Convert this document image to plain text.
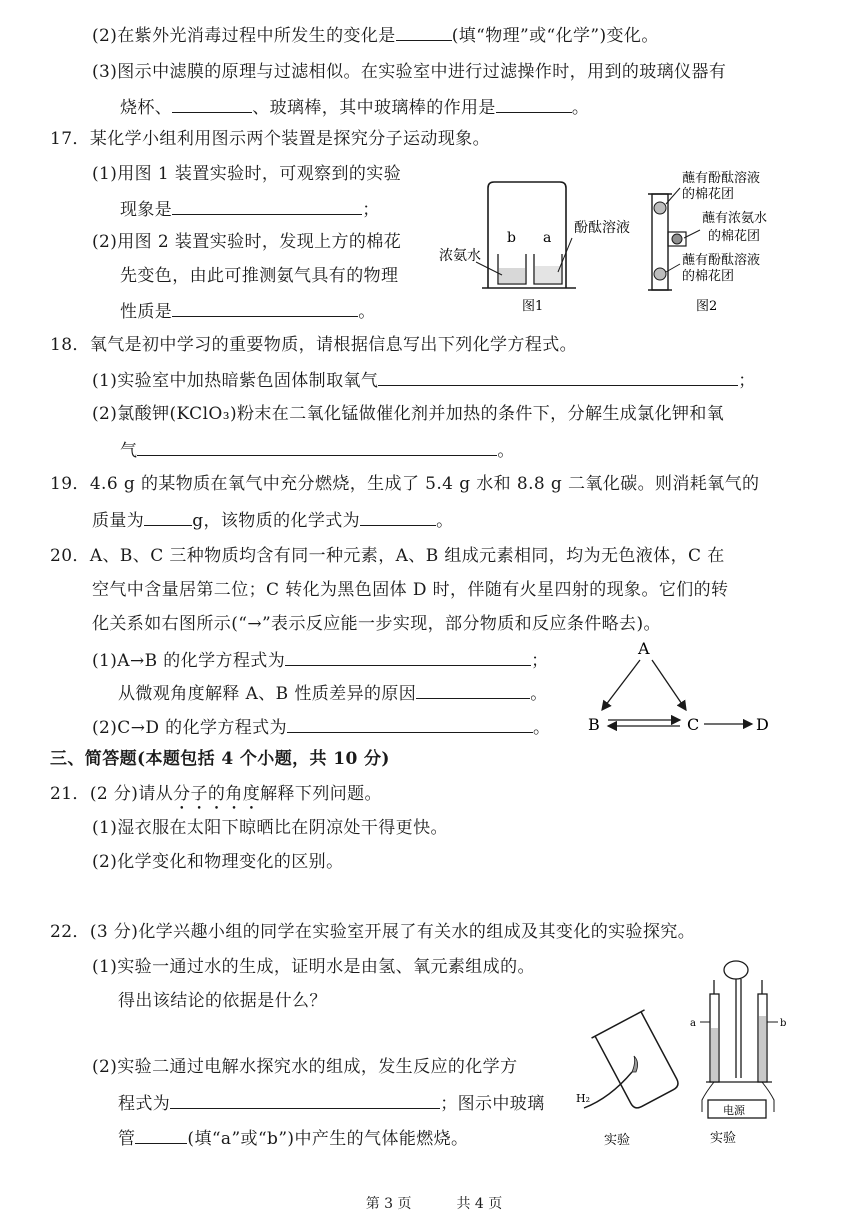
(2)在紫外光消毒过程中所发生的变化是	(填“物理”或“化学”)变化。
(3)图示中滤膜的原理与过滤相似。在实验室中进行过滤操作时，用到的玻璃仪器有
烧杯、	、玻璃棒，其中玻璃棒的作用是	。
17．某化学小组利用图示两个装置是探究分子运动现象。
(1)用图 1 装置实验时，可观察到的实验
现象是	；
(2)用图 2 装置实验时，发现上方的棉花
先变色，由此可推测氨气具有的物理
性质是	。
浓氨水
b a
酚酞溶液
图1
蘸有酚酞溶液
的棉花团
蘸有浓氨水
的棉花团
蘸有酚酞溶液
的棉花团
图2
18．氧气是初中学习的重要物质，请根据信息写出下列化学方程式。
(1)实验室中加热暗紫色固体制取氧气	；
(2)氯酸钾(KClO₃)粉末在二氧化锰做催化剂并加热的条件下，分解生成氯化钾和氧
气	。
19．4.6 g 的某物质在氧气中充分燃烧，生成了 5.4 g 水和 8.8 g 二氧化碳。则消耗氧气的
质量为	g，该物质的化学式为	。
20．A、B、C 三种物质均含有同一种元素，A、B 组成元素相同，均为无色液体，C 在
空气中含量居第二位；C 转化为黑色固体 D 时，伴随有火星四射的现象。它们的转
化关系如右图所示(“→”表示反应能一步实现，部分物质和反应条件略去)。
(1)A→B 的化学方程式为	；
从微观角度解释 A、B 性质差异的原因	。
(2)C→D 的化学方程式为	。
A
B	C	D
三、简答题(本题包括 4 个小题，共 10 分)
21．(2 分)请从分子的角度解释下列问题。
(1)湿衣服在太阳下晾晒比在阴凉处干得更快。
(2)化学变化和物理变化的区别。
22．(3 分)化学兴趣小组的同学在实验室开展了有关水的组成及其变化的实验探究。
(1)实验一通过水的生成，证明水是由氢、氧元素组成的。
得出该结论的依据是什么？
(2)实验二通过电解水探究水的组成，发生反应的化学方
程式为	；图示中玻璃
管	(填“a”或“b”)中产生的气体能燃烧。
H₂
实验
a	b
电源
实验
第 3 页	共 4 页
